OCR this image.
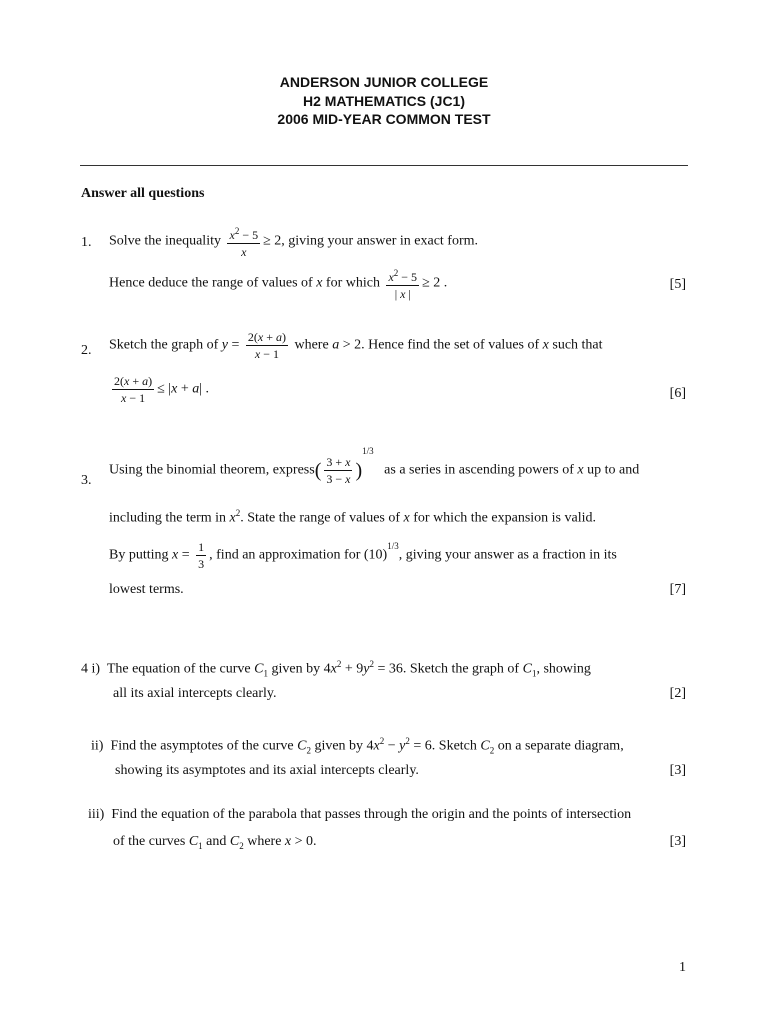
ANDERSON JUNIOR COLLEGE
H2 MATHEMATICS (JC1)
2006 MID-YEAR COMMON TEST
Answer all questions
1. Solve the inequality $\frac{x^2 - 5}{x} \ge 2$, giving your answer in exact form.
Hence deduce the range of values of x for which $\frac{x^2 - 5}{| x |} \ge 2$ .	[5]
2. Sketch the graph of $y = \frac{2(x + a)}{x - 1}$ where a > 2. Hence find the set of values of x such that
$\frac{2(x + a)}{x - 1} \le |x + a|$ .	[6]
3.
Using the binomial theorem, express( $\frac{3 + x}{3 - x} )^{1/3}$   as a series in ascending powers of x up to and
including the term in $x^2$. State the range of values of x for which the expansion is valid.
By putting $x = \frac{1}{3}$ , find an approximation for $(10)^{1/3}$, giving your answer as a fraction in its
lowest terms.	[7]
4 i) The equation of the curve $C_1$ given by $4x^2 + 9y^2 = 36$. Sketch the graph of $C_1$, showing
all its axial intercepts clearly.	[2]
ii) Find the asymptotes of the curve $C_2$ given by $4x^2 - y^2 = 6$. Sketch $C_2$ on a separate diagram,
showing its asymptotes and its axial intercepts clearly.	[3]
iii) Find the equation of the parabola that passes through the origin and the points of intersection
of the curves $C_1$ and $C_2$ where x > 0.	[3]
1
